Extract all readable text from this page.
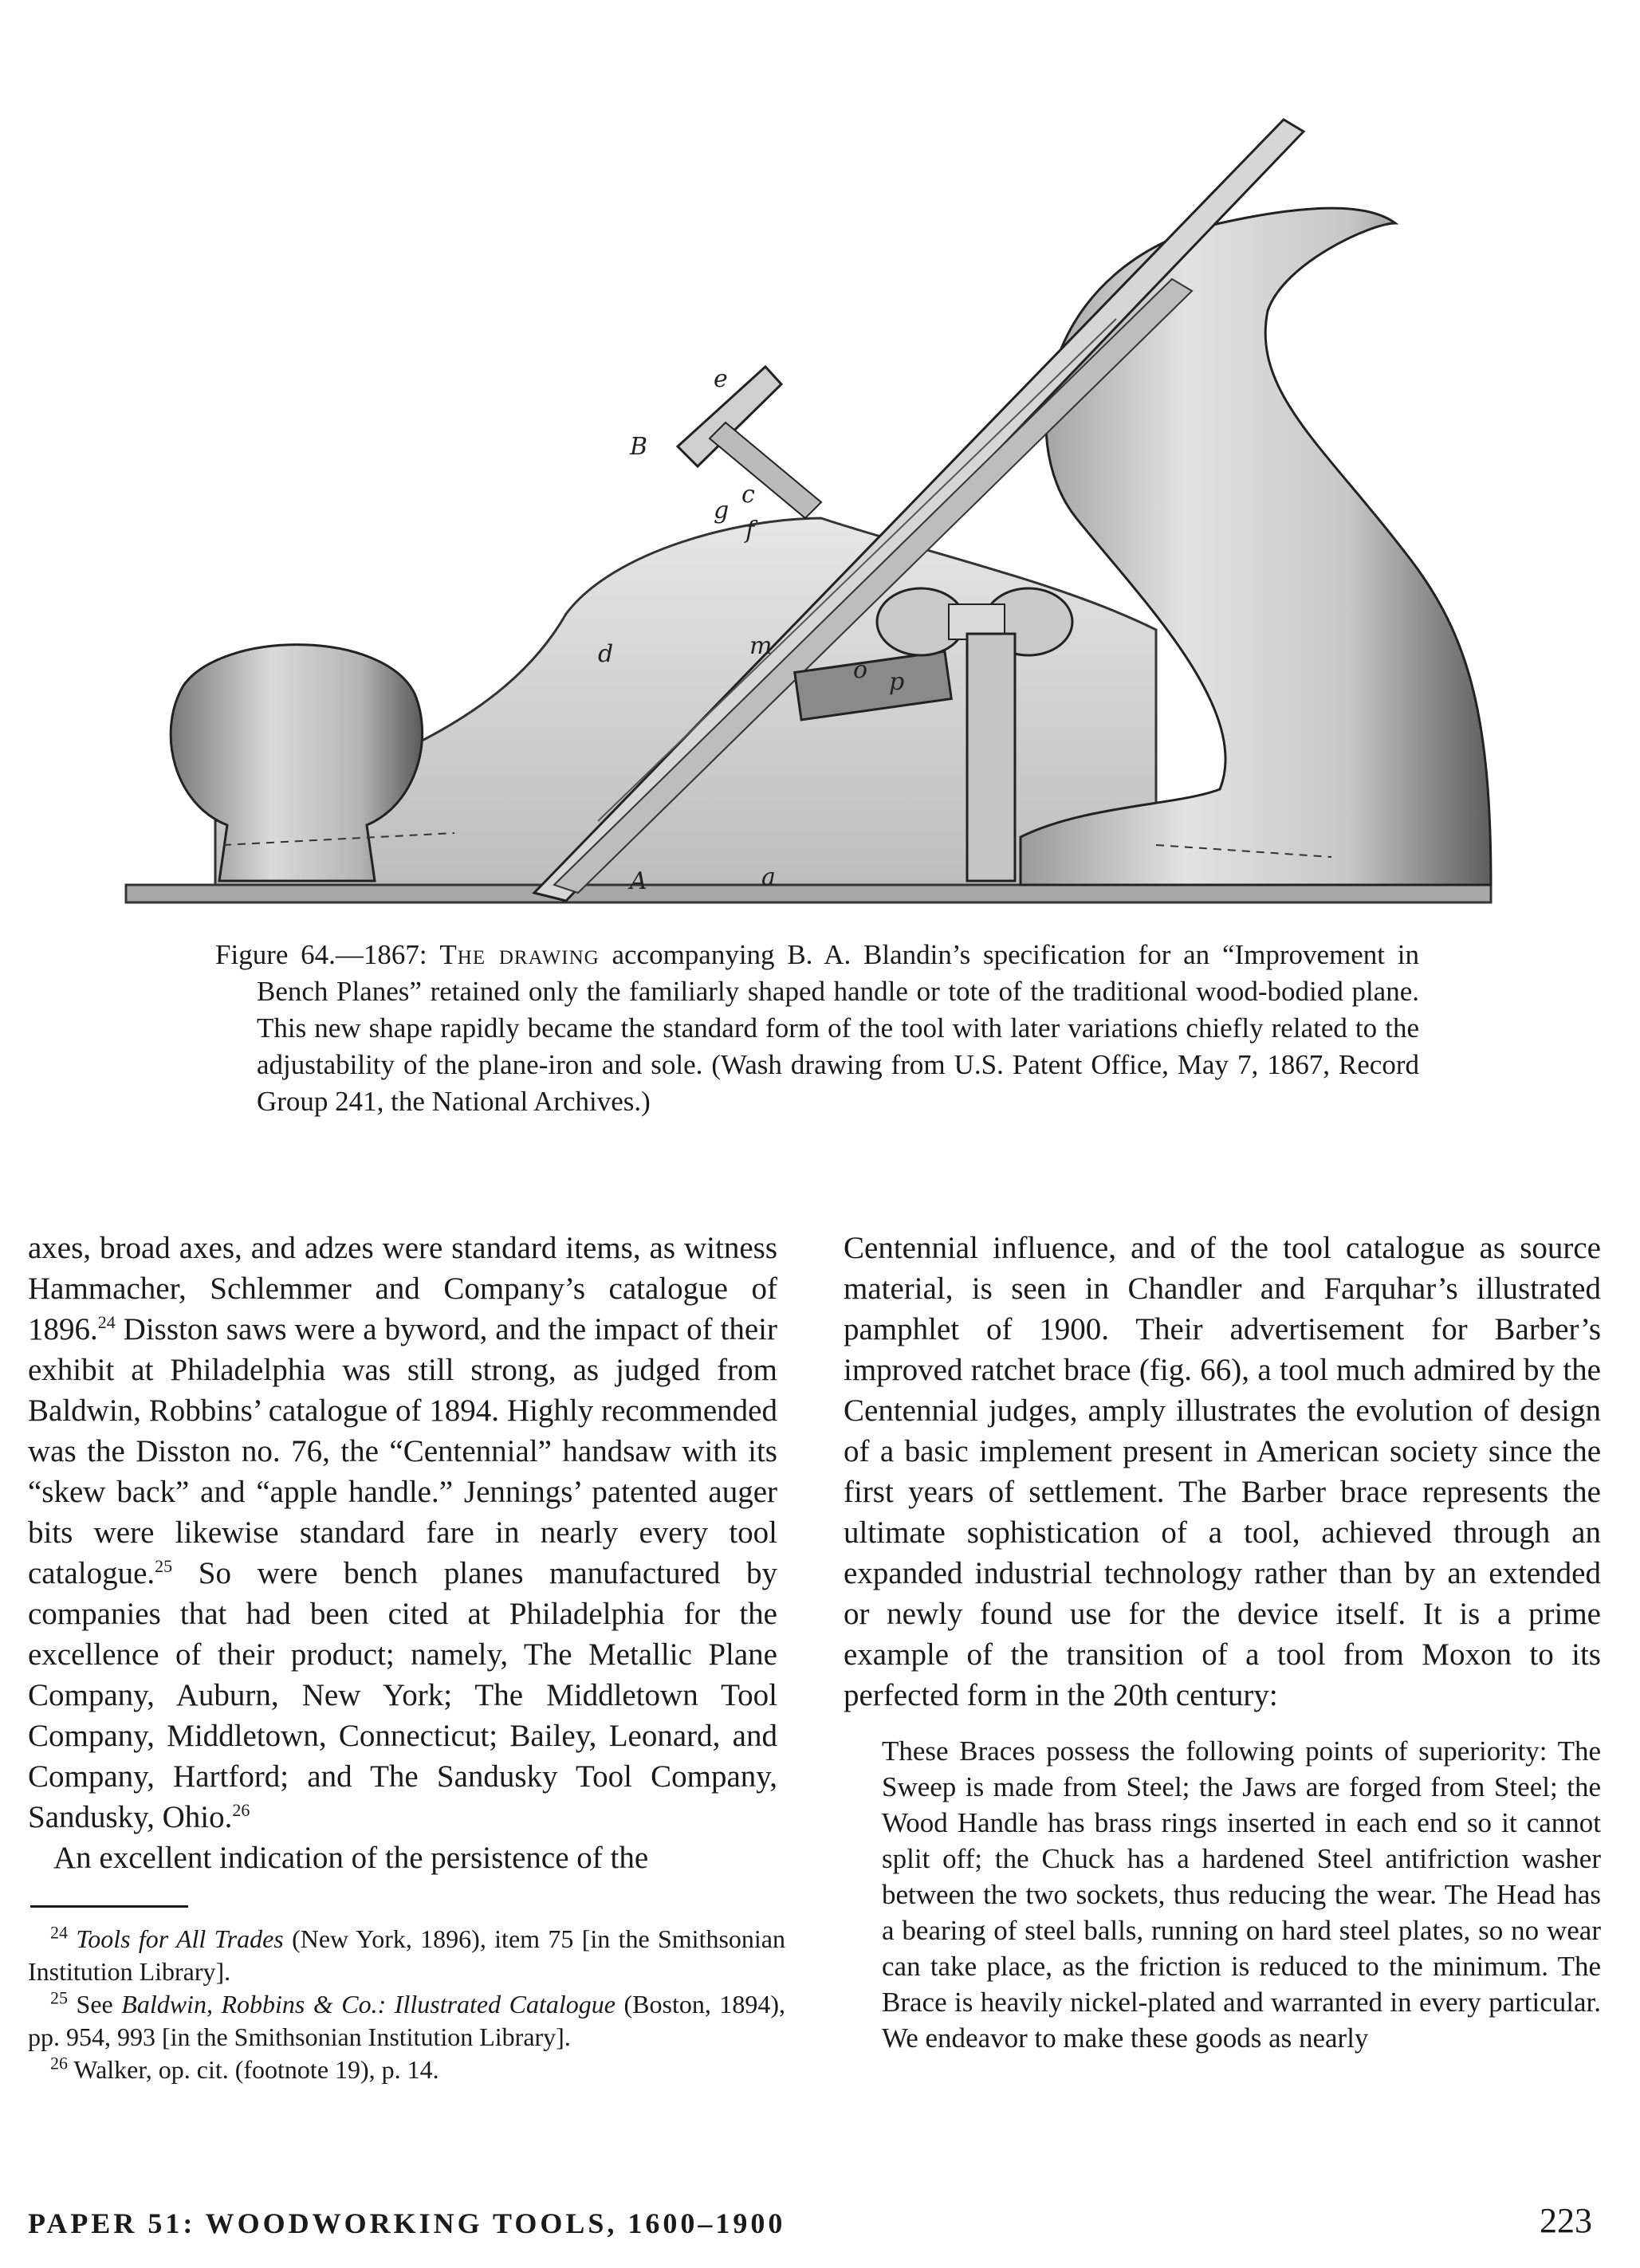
B
e
g
f
c
m
o p
a
A
d

Figure 64.—1867: The drawing accompanying B. A. Blandin’s specification for an “Improvement in Bench Planes” retained only the familiarly shaped handle or tote of the traditional wood-bodied plane. This new shape rapidly became the standard form of the tool with later variations chiefly related to the adjustability of the plane-iron and sole. (Wash drawing from U.S. Patent Office, May 7, 1867, Record Group 241, the National Archives.)

axes, broad axes, and adzes were standard items, as witness Hammacher, Schlemmer and Company’s catalogue of 1896.24 Disston saws were a byword, and the impact of their exhibit at Philadelphia was still strong, as judged from Baldwin, Robbins’ catalogue of 1894. Highly recommended was the Disston no. 76, the “Centennial” handsaw with its “skew back” and “apple handle.” Jennings’ patented auger bits were likewise standard fare in nearly every tool catalogue.$^{25}$ So were bench planes manufactured by companies that had been cited at Philadelphia for the excellence of their product; namely, The Metallic Plane Company, Auburn, New York; The Middletown Tool Company, Middletown, Connecticut; Bailey, Leonard, and Company, Hartford; and The Sandusky Tool Company, Sandusky, Ohio.$^{26}$

An excellent indication of the persistence of the

$^{24}$ Tools for All Trades (New York, 1896), item 75 [in the Smithsonian Institution Library].

$^{25}$ See Baldwin, Robbins & Co.: Illustrated Catalogue (Boston, 1894), pp. 954, 993 [in the Smithsonian Institution Library].

$^{26}$ Walker, op. cit. (footnote 19), p. 14.

Centennial influence, and of the tool catalogue as source material, is seen in Chandler and Farquhar’s illustrated pamphlet of 1900. Their advertisement for Barber’s improved ratchet brace (fig. 66), a tool much admired by the Centennial judges, amply illustrates the evolution of design of a basic implement present in American society since the first years of settlement. The Barber brace represents the ultimate sophistication of a tool, achieved through an expanded industrial technology rather than by an extended or newly found use for the device itself. It is a prime example of the transition of a tool from Moxon to its perfected form in the 20th century:

These Braces possess the following points of superiority: The Sweep is made from Steel; the Jaws are forged from Steel; the Wood Handle has brass rings inserted in each end so it cannot split off; the Chuck has a hardened Steel antifriction washer between the two sockets, thus reducing the wear. The Head has a bearing of steel balls, running on hard steel plates, so no wear can take place, as the friction is reduced to the minimum. The Brace is heavily nickel-plated and warranted in every particular. We endeavor to make these goods as nearly

PAPER 51: WOODWORKING TOOLS, 1600–1900	223
